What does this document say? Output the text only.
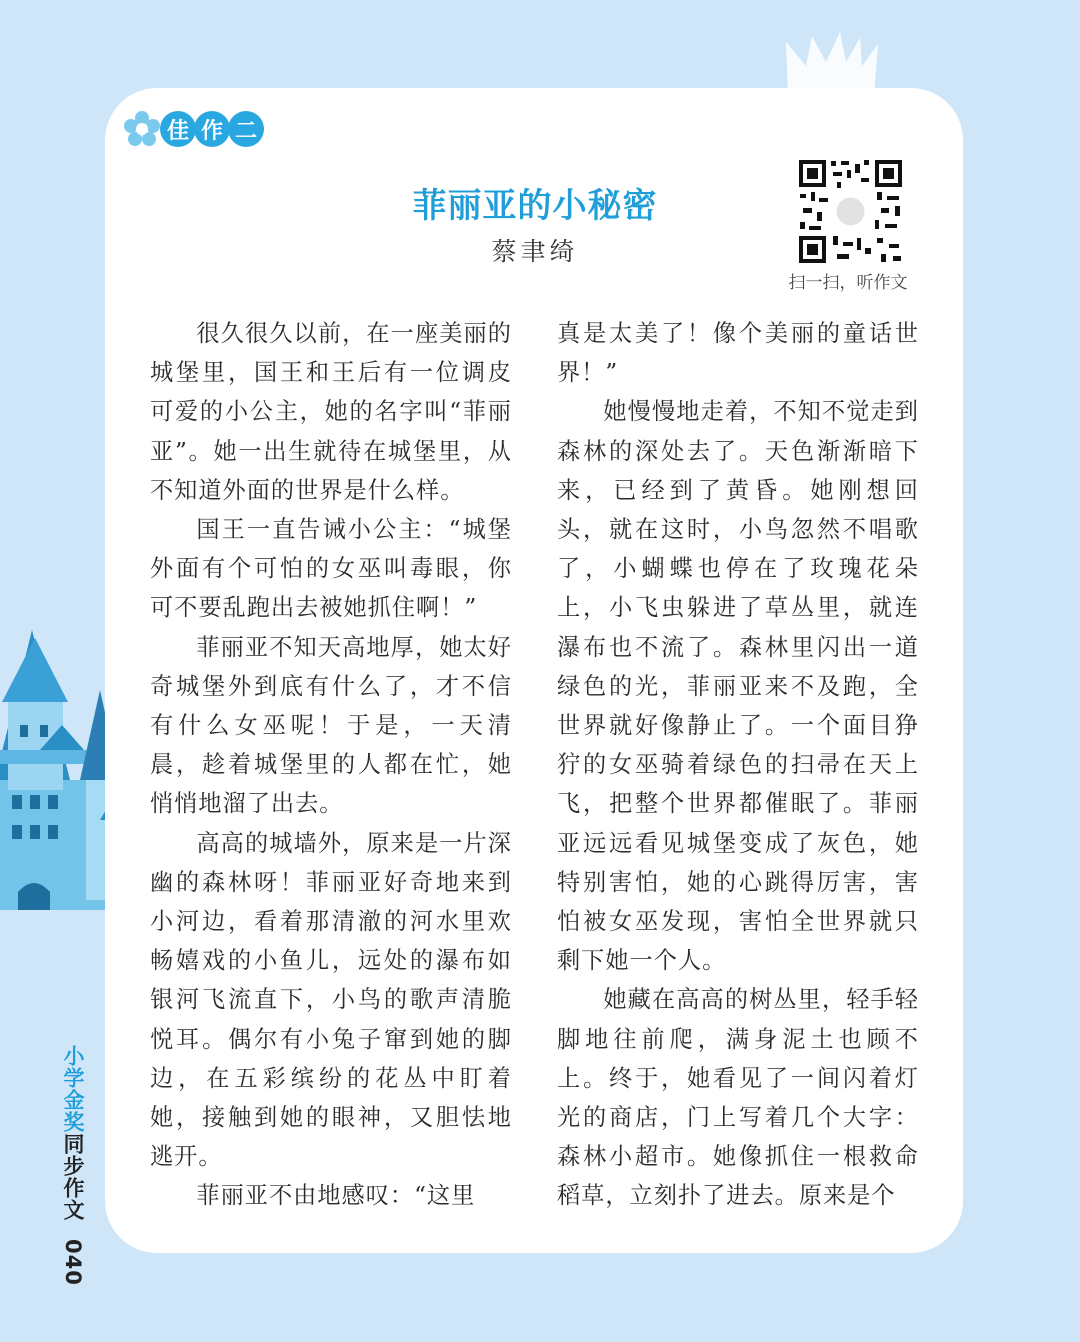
佳 作 二
菲丽亚的小秘密
蔡聿绮
扫一扫，听作文

很久很久以前，在一座美丽的城堡里，国王和王后有一位调皮可爱的小公主，她的名字叫“菲丽亚”。她一出生就待在城堡里，从不知道外面的世界是什么样。

国王一直告诫小公主：“城堡外面有个可怕的女巫叫毒眼，你可不要乱跑出去被她抓住啊！”

菲丽亚不知天高地厚，她太好奇城堡外到底有什么了，才不信有什么女巫呢！于是，一天清晨，趁着城堡里的人都在忙，她悄悄地溜了出去。

高高的城墙外，原来是一片深幽的森林呀！菲丽亚好奇地来到小河边，看着那清澈的河水里欢畅嬉戏的小鱼儿，远处的瀑布如银河飞流直下，小鸟的歌声清脆悦耳。偶尔有小兔子窜到她的脚边，在五彩缤纷的花丛中盯着她，接触到她的眼神，又胆怯地逃开。

菲丽亚不由地感叹：“这里

真是太美了！像个美丽的童话世界！”

她慢慢地走着，不知不觉走到森林的深处去了。天色渐渐暗下来，已经到了黄昏。她刚想回头，就在这时，小鸟忽然不唱歌了，小蝴蝶也停在了玫瑰花朵上，小飞虫躲进了草丛里，就连瀑布也不流了。森林里闪出一道绿色的光，菲丽亚来不及跑，全世界就好像静止了。一个面目狰狞的女巫骑着绿色的扫帚在天上飞，把整个世界都催眠了。菲丽亚远远看见城堡变成了灰色，她特别害怕，她的心跳得厉害，害怕被女巫发现，害怕全世界就只剩下她一个人。

她藏在高高的树丛里，轻手轻脚地往前爬，满身泥土也顾不上。终于，她看见了一间闪着灯光的商店，门上写着几个大字：森林小超市。她像抓住一根救命稻草，立刻扑了进去。原来是个

小学金奖同步作文 040
